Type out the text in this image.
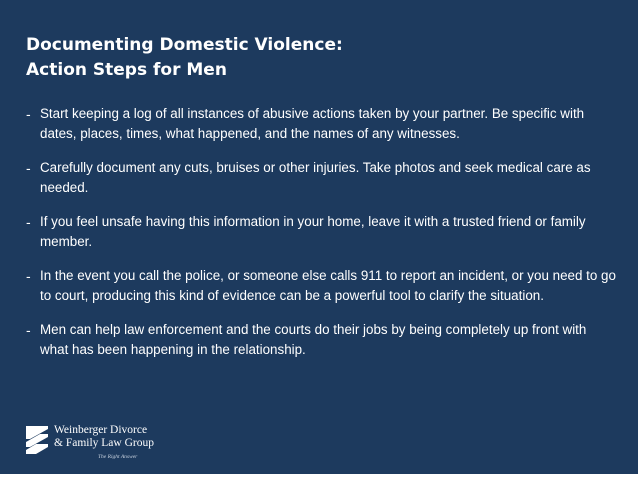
Documenting Domestic Violence:
Action Steps for Men
- Start keeping a log of all instances of abusive actions taken by your partner. Be specific with dates, places, times, what happened, and the names of any witnesses.
- Carefully document any cuts, bruises or other injuries. Take photos and seek medical care as needed.
- If you feel unsafe having this information in your home, leave it with a trusted friend or family member.
- In the event you call the police, or someone else calls 911 to report an incident, or you need to go to court, producing this kind of evidence can be a powerful tool to clarify the situation.
- Men can help law enforcement and the courts do their jobs by being completely up front with what has been happening in the relationship.
Weinberger Divorce
& Family Law Group
The Right Answer
